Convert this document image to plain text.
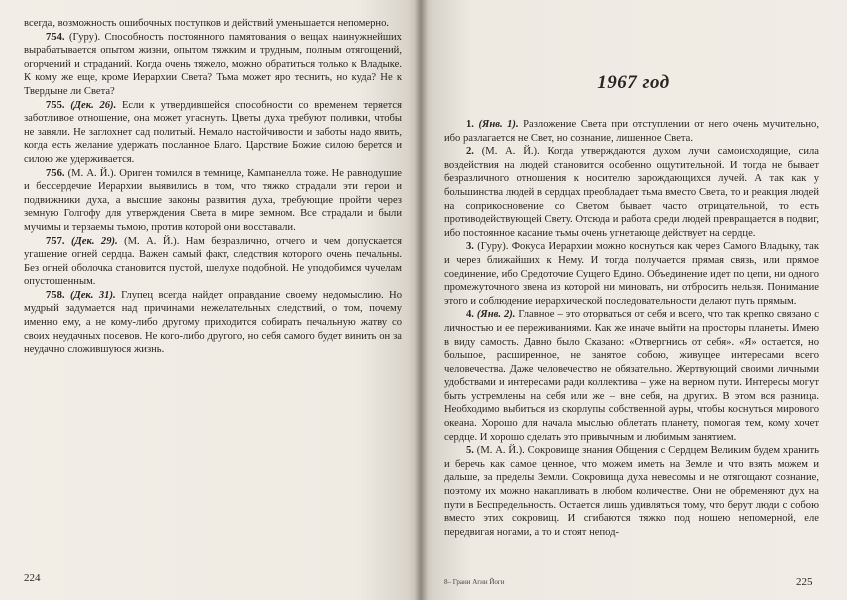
всегда, возможность ошибочных поступков и действий уменьшается непомерно.

754. (Гуру). Способность постоянного памятования о вещах наинужнейших вырабатывается опытом жизни, опытом тяжким и трудным, полным отягощений, огорчений и страданий. Когда очень тяжело, можно обратиться только к Владыке. К кому же еще, кроме Иерархии Света? Тьма может яро теснить, но куда? Не к Твердыне ли Света?

755. (Дек. 26). Если к утвердившейся способности со временем теряется заботливое отношение, она может угаснуть. Цветы духа требуют поливки, чтобы не завяли. Не заглохнет сад политый. Немало настойчивости и заботы надо явить, когда есть желание удержать посланное Благо. Царствие Божие силою берется и силою же удерживается.

756. (М. А. Й.). Ориген томился в темнице, Кампанелла тоже. Не равнодушие и бессердечие Иерархии выявились в том, что тяжко страдали эти герои и подвижники духа, а высшие законы развития духа, требующие пройти через земную Голгофу для утверждения Света в мире земном. Все страдали и были мучимы и терзаемы тьмою, против которой они восставали.

757. (Дек. 29). (М. А. Й.). Нам безразлично, отчего и чем допускается угашение огней сердца. Важен самый факт, следствия которого очень печальны. Без огней оболочка становится пустой, шелухе подобной. Не уподобимся чучелам опустошенным.

758. (Дек. 31). Глупец всегда найдет оправдание своему недомыслию. Но мудрый задумается над причинами нежелательных следствий, о том, почему именно ему, а не кому-либо другому приходится собирать печальную жатву со своих неудачных посевов. Не кого-либо другого, но себя самого будет винить он за неудачно сложившуюся жизнь.

224
1967 год

1. (Янв. 1). Разложение Света при отступлении от него очень мучительно, ибо разлагается не Свет, но сознание, лишенное Света.

2. (М. А. Й.). Когда утверждаются духом лучи самоисходящие, сила воздействия на людей становится особенно ощутительной. И тогда не бывает безразличного отношения к носителю зарождающихся лучей. А так как у большинства людей в сердцах преобладает тьма вместо Света, то и реакция людей на соприкосновение со Светом бывает часто отрицательной, то есть противодействующей Свету. Отсюда и работа среди людей превращается в подвиг, ибо постоянное касание тьмы очень угнетающе действует на сердце.

3. (Гуру). Фокуса Иерархии можно коснуться как через Самого Владыку, так и через ближайших к Нему. И тогда получается прямая связь, или прямое соединение, ибо Средоточие Сущего Едино. Объединение идет по цепи, ни одного промежуточного звена из которой ни миновать, ни отбросить нельзя. Понимание этого и соблюдение иерархической последовательности делают путь прямым.

4. (Янв. 2). Главное – это оторваться от себя и всего, что так крепко связано с личностью и ее переживаниями. Как же иначе выйти на просторы планеты. Имею в виду самость. Давно было Сказано: «Отвергнись от себя». «Я» остается, но большое, расширенное, не занятое собою, живущее интересами всего человечества. Даже человечество не обязательно. Жертвующий своими личными удобствами и интересами ради коллектива – уже на верном пути. Интересы могут быть устремлены на себя или же – вне себя, на других. В этом вся разница. Необходимо выбиться из скорлупы собственной ауры, чтобы коснуться мирового океана. Хорошо для начала мыслью облетать планету, помогая тем, кому хочет сердце. И хорошо сделать это привычным и любимым занятием.

5. (М. А. Й.). Сокровище знания Общения с Сердцем Великим будем хранить и беречь как самое ценное, что можем иметь на Земле и что взять можем и дальше, за пределы Земли. Сокровища духа невесомы и не отягощают сознание, поэтому их можно накапливать в любом количестве. Они не обременяют дух на пути в Беспредельность. Остается лишь удивляться тому, что берут люди с собою вместо этих сокровищ. И сгибаются тяжко под ношею непомерной, еле передвигая ногами, а то и стоят непод-

8– Грани Агни Йоги	225
